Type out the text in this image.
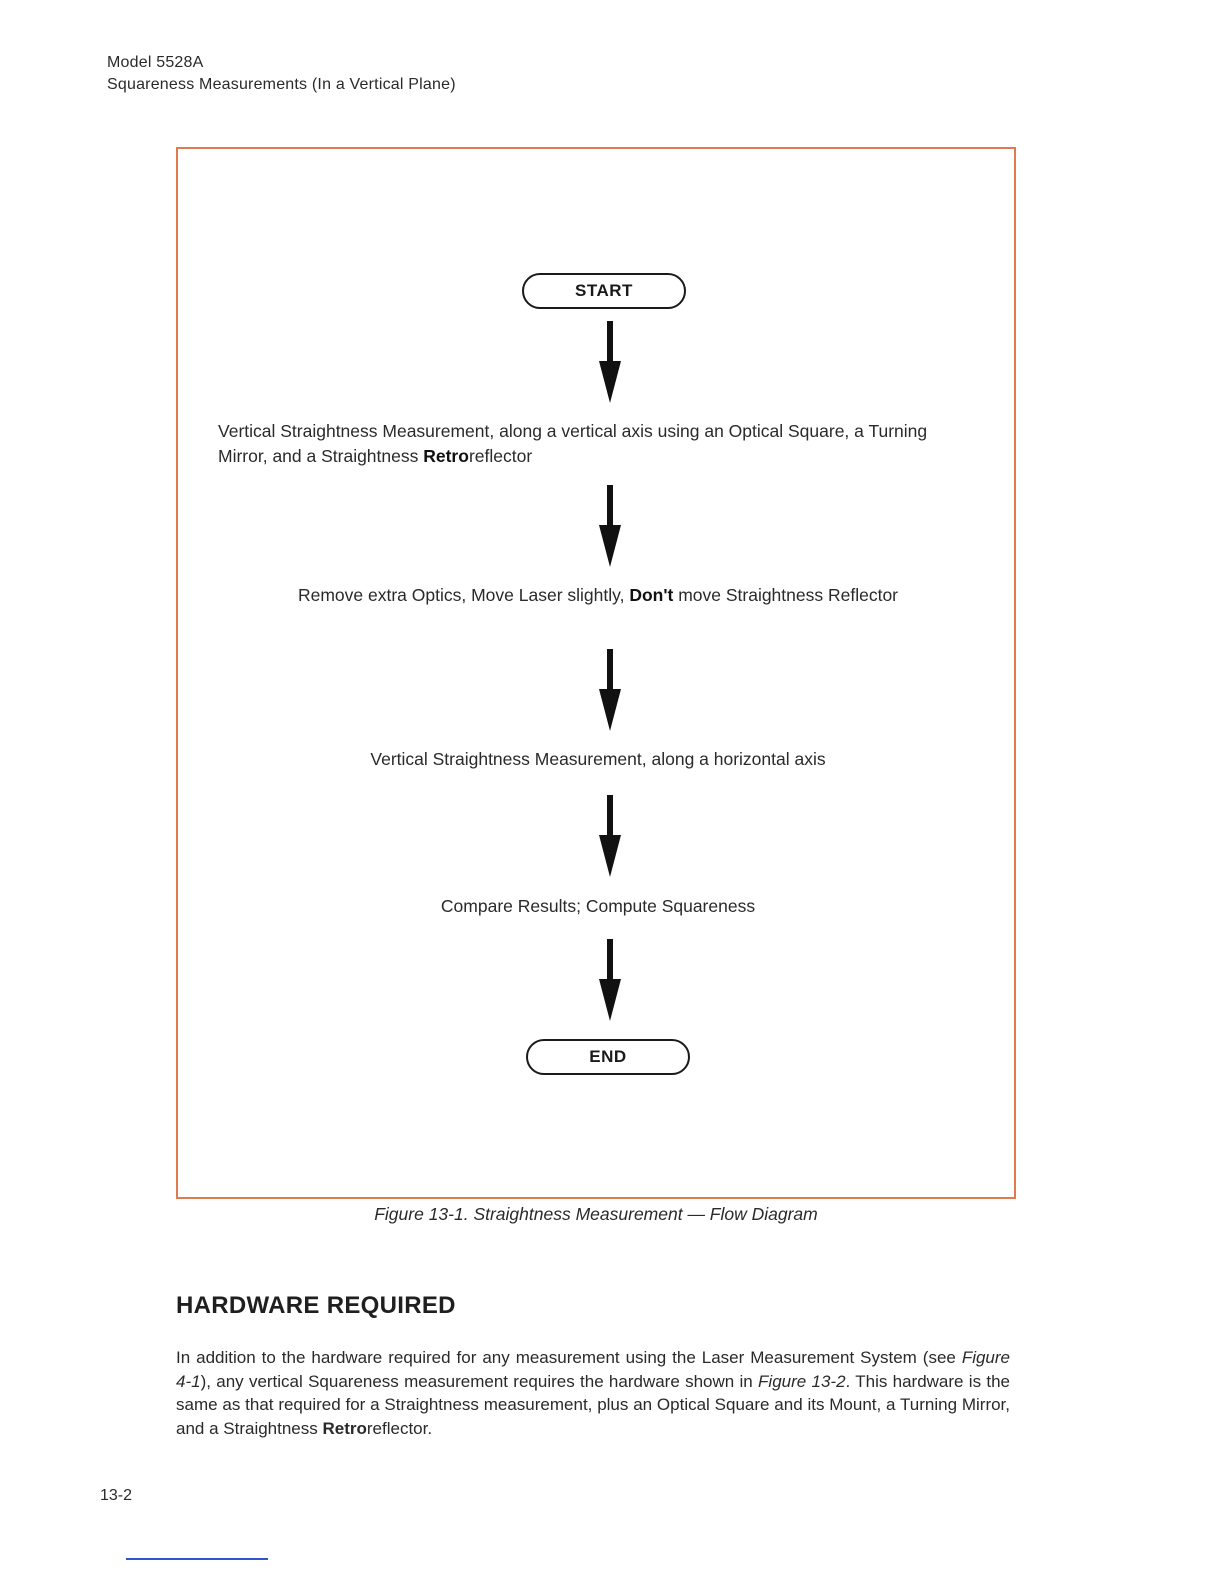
Model 5528A
Squareness Measurements (In a Vertical Plane)
START
Vertical Straightness Measurement, along a vertical axis using an Optical Square, a Turning
Mirror, and a Straightness Retroreflector
Remove extra Optics, Move Laser slightly, Don't move Straightness Reflector
Vertical Straightness Measurement, along a horizontal axis
Compare Results; Compute Squareness
END
Figure 13-1. Straightness Measurement — Flow Diagram
HARDWARE REQUIRED
In addition to the hardware required for any measurement using the Laser Measurement System (see Figure 4-1), any vertical Squareness measurement requires the hardware shown in Figure 13-2. This hardware is the same as that required for a Straightness measurement, plus an Optical Square and its Mount, a Turning Mirror, and a Straightness Retroreflector.
13-2
